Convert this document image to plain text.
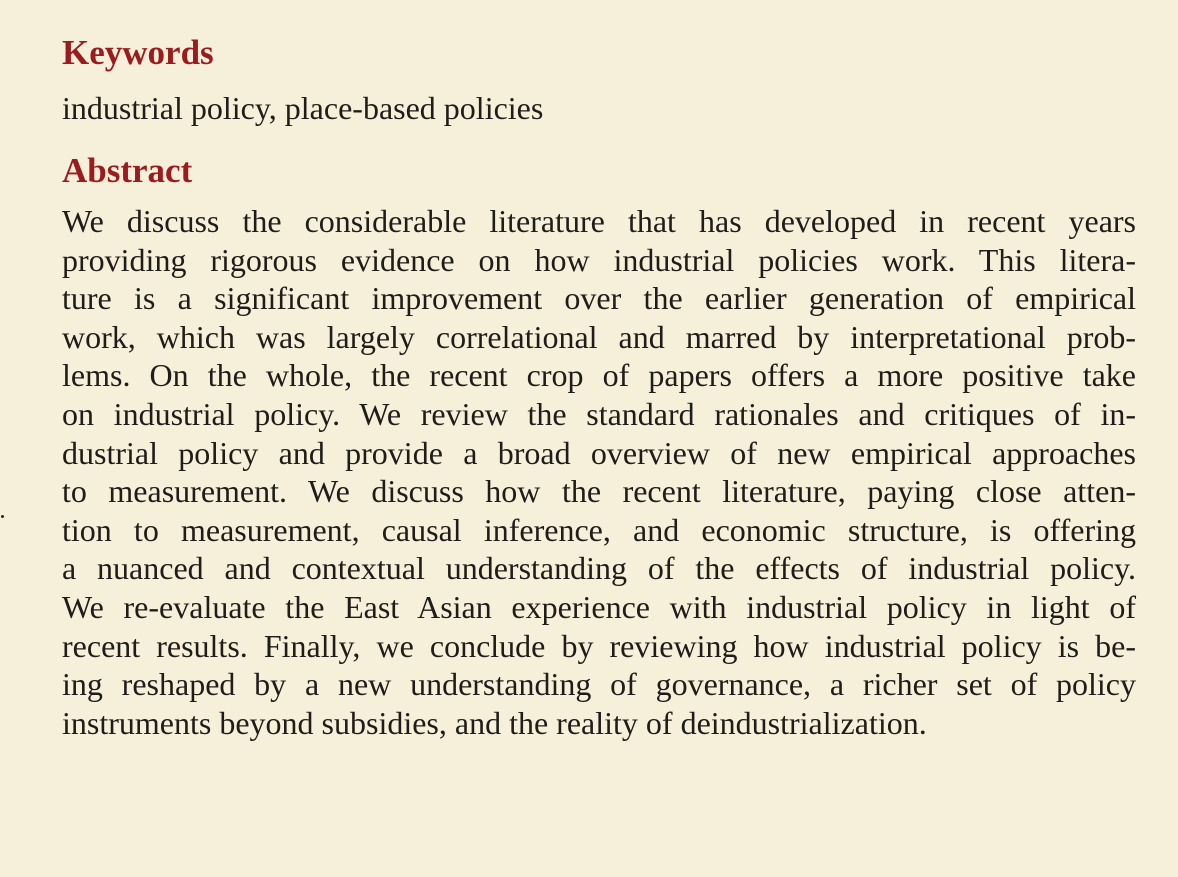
Keywords

industrial policy, place-based policies

Abstract
We discuss the considerable literature that has developed in recent years
providing rigorous evidence on how industrial policies work. This litera-
ture is a significant improvement over the earlier generation of empirical
work, which was largely correlational and marred by interpretational prob-
lems. On the whole, the recent crop of papers offers a more positive take
on industrial policy. We review the standard rationales and critiques of in-
dustrial policy and provide a broad overview of new empirical approaches
to measurement. We discuss how the recent literature, paying close atten-
tion to measurement, causal inference, and economic structure, is offering
a nuanced and contextual understanding of the effects of industrial policy.
We re-evaluate the East Asian experience with industrial policy in light of
recent results. Finally, we conclude by reviewing how industrial policy is be-
ing reshaped by a new understanding of governance, a richer set of policy
instruments beyond subsidies, and the reality of deindustrialization.
